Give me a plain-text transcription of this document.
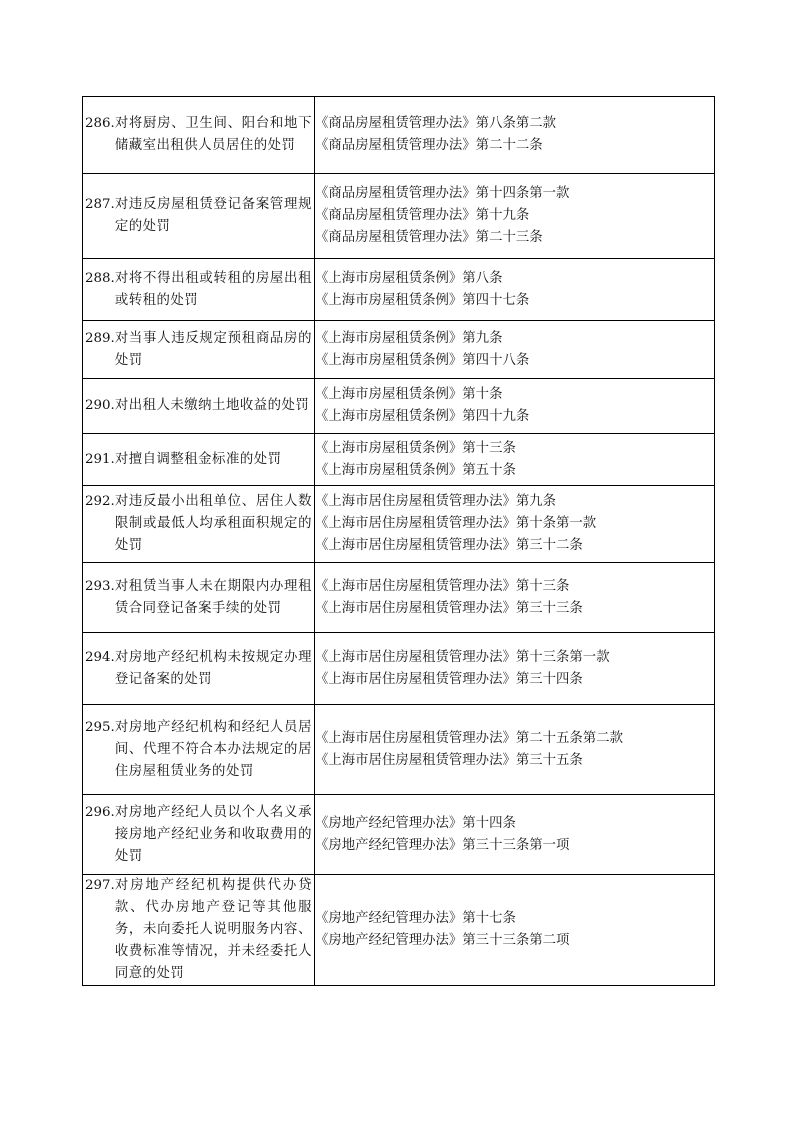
286. 对将厨房、卫生间、阳台和地下储藏室出租供人员居住的处罚	《商品房屋租赁管理办法》第八条第二款
《商品房屋租赁管理办法》第二十二条

287. 对违反房屋租赁登记备案管理规定的处罚	《商品房屋租赁管理办法》第十四条第一款
《商品房屋租赁管理办法》第十九条
《商品房屋租赁管理办法》第二十三条

288. 对将不得出租或转租的房屋出租或转租的处罚	《上海市房屋租赁条例》第八条
《上海市房屋租赁条例》第四十七条

289. 对当事人违反规定预租商品房的处罚	《上海市房屋租赁条例》第九条
《上海市房屋租赁条例》第四十八条

290. 对出租人未缴纳土地收益的处罚	《上海市房屋租赁条例》第十条
《上海市房屋租赁条例》第四十九条

291. 对擅自调整租金标准的处罚	《上海市房屋租赁条例》第十三条
《上海市房屋租赁条例》第五十条

292. 对违反最小出租单位、居住人数限制或最低人均承租面积规定的处罚	《上海市居住房屋租赁管理办法》第九条
《上海市居住房屋租赁管理办法》第十条第一款
《上海市居住房屋租赁管理办法》第三十二条

293. 对租赁当事人未在期限内办理租赁合同登记备案手续的处罚	《上海市居住房屋租赁管理办法》第十三条
《上海市居住房屋租赁管理办法》第三十三条

294. 对房地产经纪机构未按规定办理登记备案的处罚	《上海市居住房屋租赁管理办法》第十三条第一款
《上海市居住房屋租赁管理办法》第三十四条

295. 对房地产经纪机构和经纪人员居间、代理不符合本办法规定的居住房屋租赁业务的处罚	《上海市居住房屋租赁管理办法》第二十五条第二款
《上海市居住房屋租赁管理办法》第三十五条

296. 对房地产经纪人员以个人名义承接房地产经纪业务和收取费用的处罚	《房地产经纪管理办法》第十四条
《房地产经纪管理办法》第三十三条第一项

297. 对房地产经纪机构提供代办贷款、代办房地产登记等其他服务，未向委托人说明服务内容、收费标准等情况，并未经委托人同意的处罚	《房地产经纪管理办法》第十七条
《房地产经纪管理办法》第三十三条第二项
